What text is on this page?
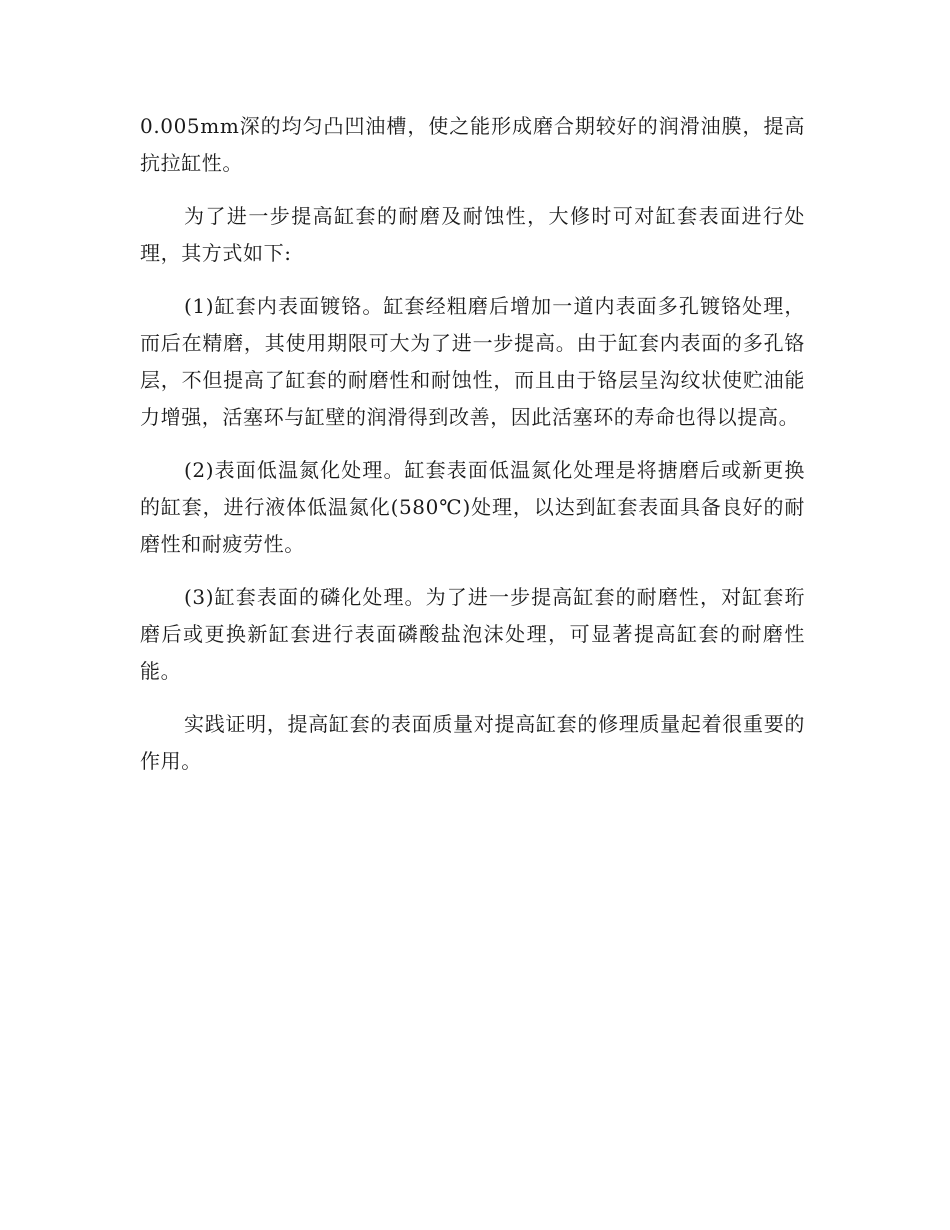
0.005mm深的均匀凸凹油槽，使之能形成磨合期较好的润滑油膜，提高抗拉缸性。

为了进一步提高缸套的耐磨及耐蚀性，大修时可对缸套表面进行处理，其方式如下:

(1)缸套内表面镀铬。缸套经粗磨后增加一道内表面多孔镀铬处理，而后在精磨，其使用期限可大为了进一步提高。由于缸套内表面的多孔铬层，不但提高了缸套的耐磨性和耐蚀性，而且由于铬层呈沟纹状使贮油能力增强，活塞环与缸壁的润滑得到改善，因此活塞环的寿命也得以提高。

(2)表面低温氮化处理。缸套表面低温氮化处理是将搪磨后或新更换的缸套，进行液体低温氮化(580℃)处理，以达到缸套表面具备良好的耐磨性和耐疲劳性。

(3)缸套表面的磷化处理。为了进一步提高缸套的耐磨性，对缸套珩磨后或更换新缸套进行表面磷酸盐泡沫处理，可显著提高缸套的耐磨性能。

实践证明，提高缸套的表面质量对提高缸套的修理质量起着很重要的作用。
